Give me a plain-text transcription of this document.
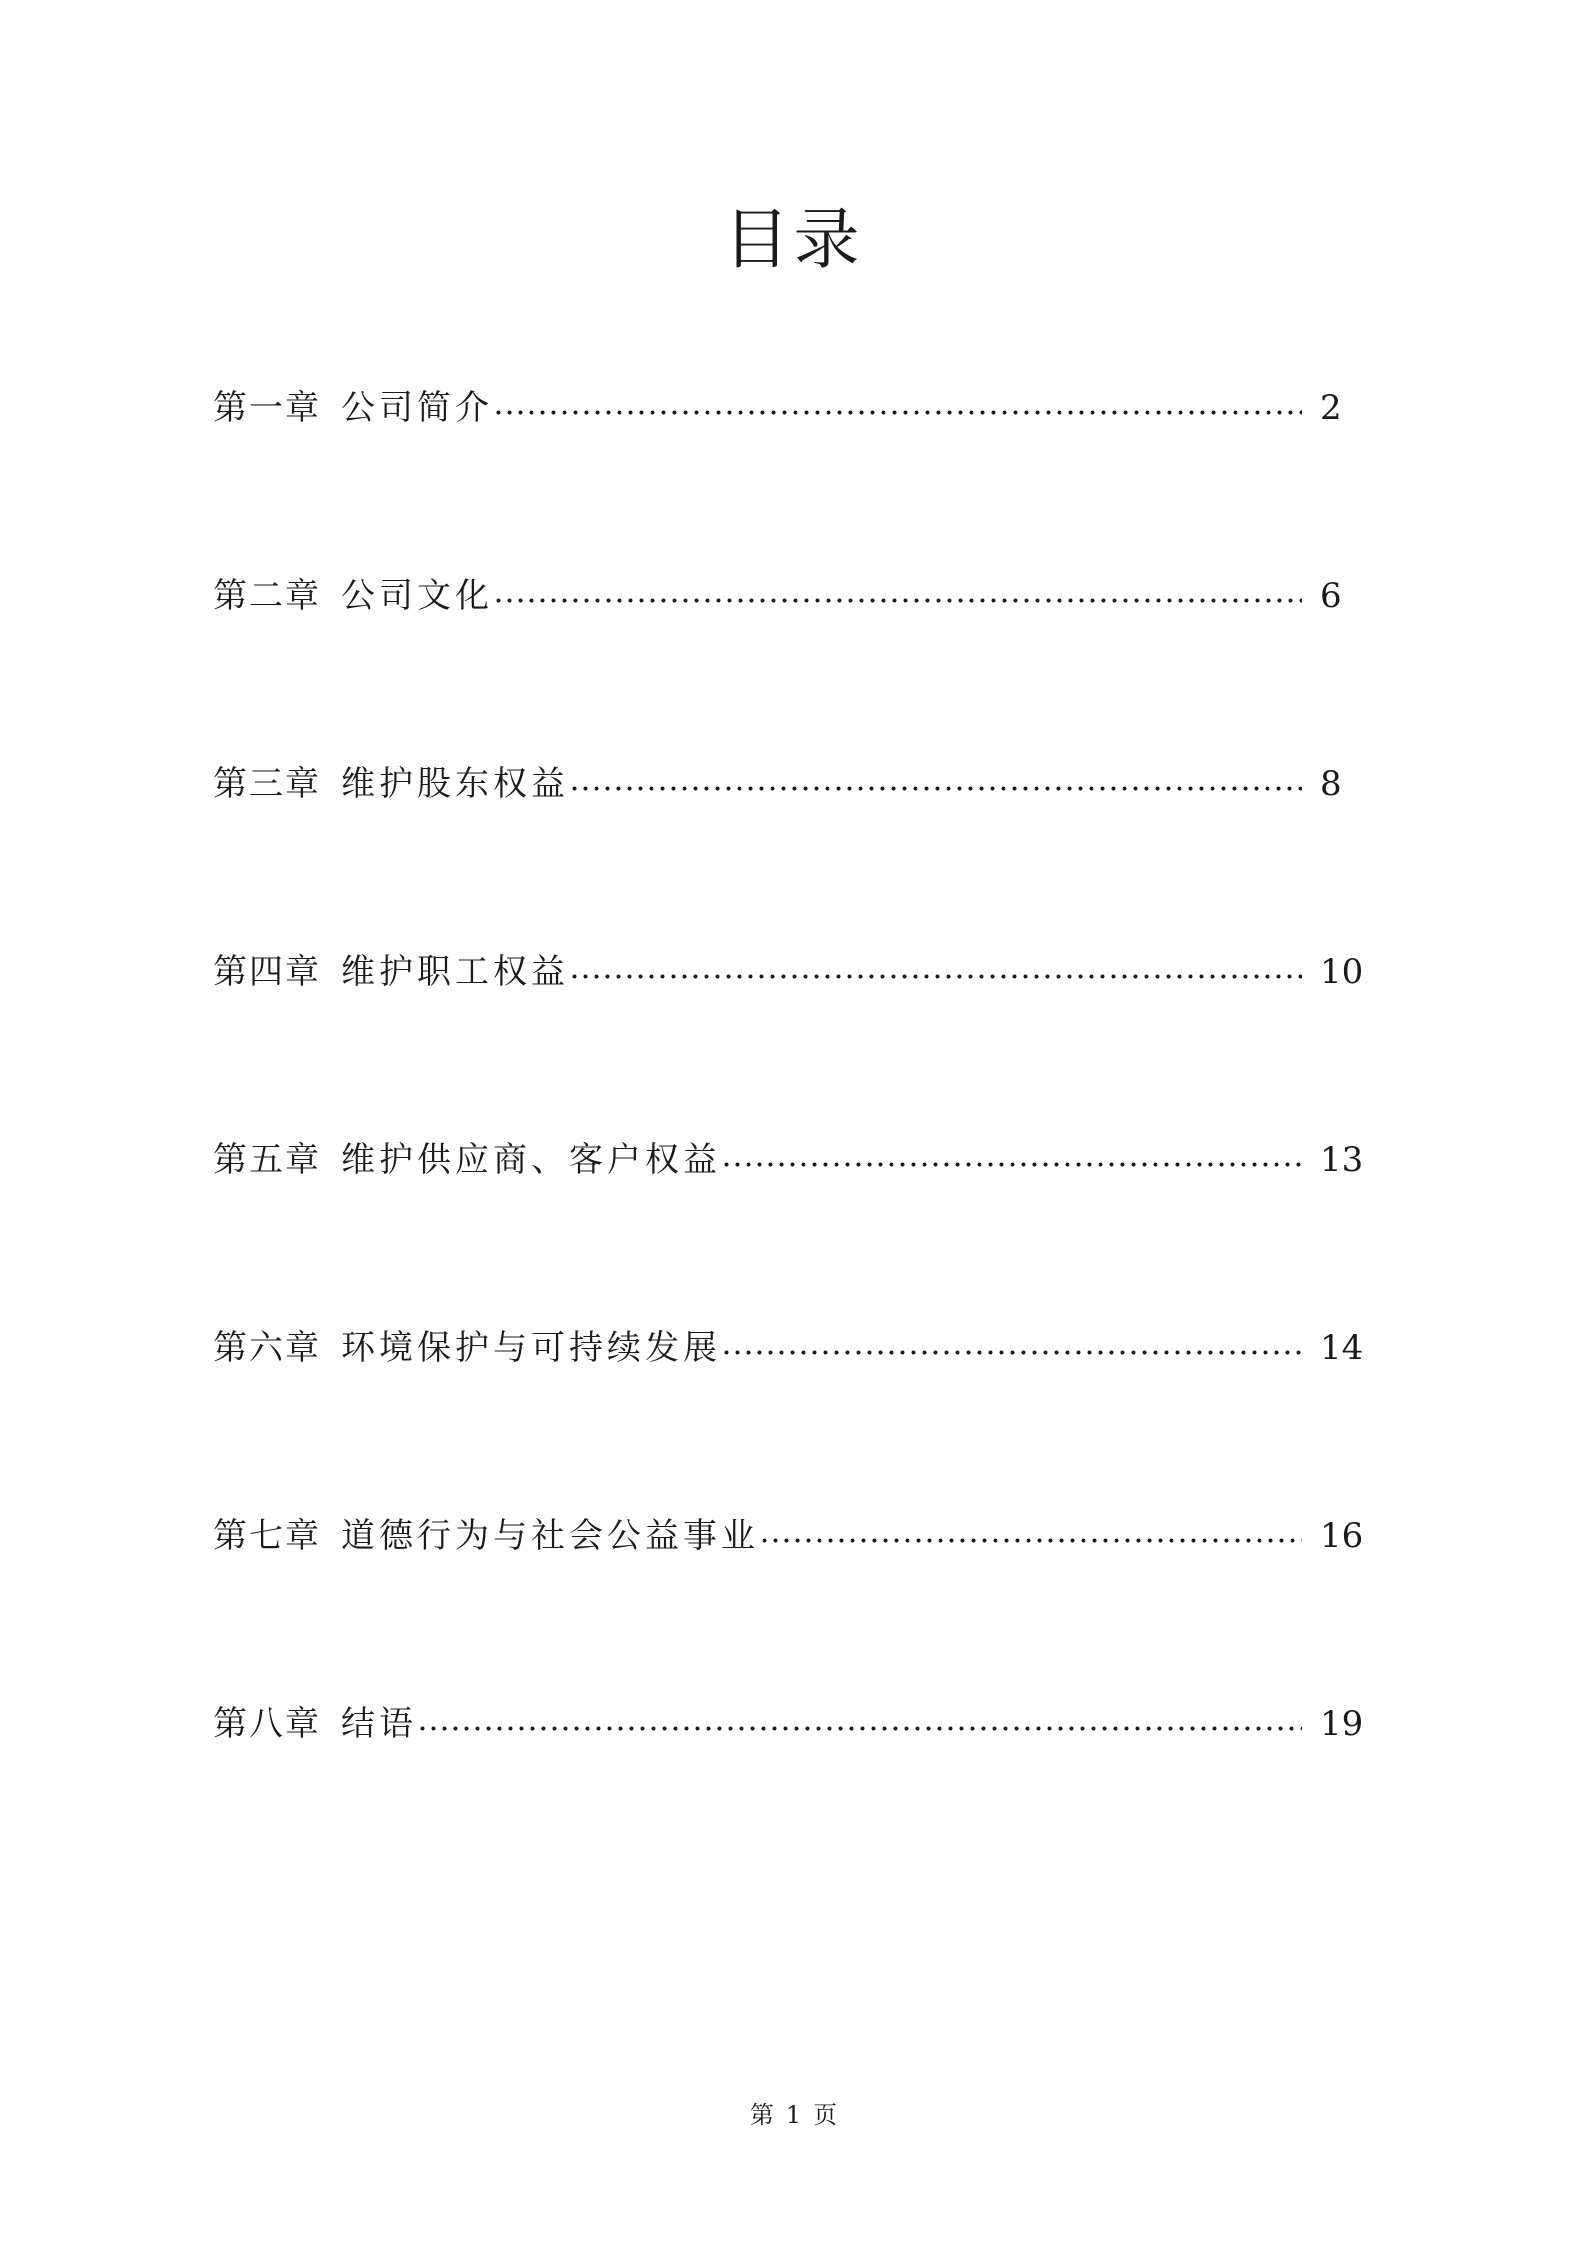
目录
第一章 公司简介	2
第二章 公司文化	6
第三章 维护股东权益	8
第四章 维护职工权益	10
第五章 维护供应商、客户权益	13
第六章 环境保护与可持续发展	14
第七章 道德行为与社会公益事业	16
第八章 结语	19
第 1 页
